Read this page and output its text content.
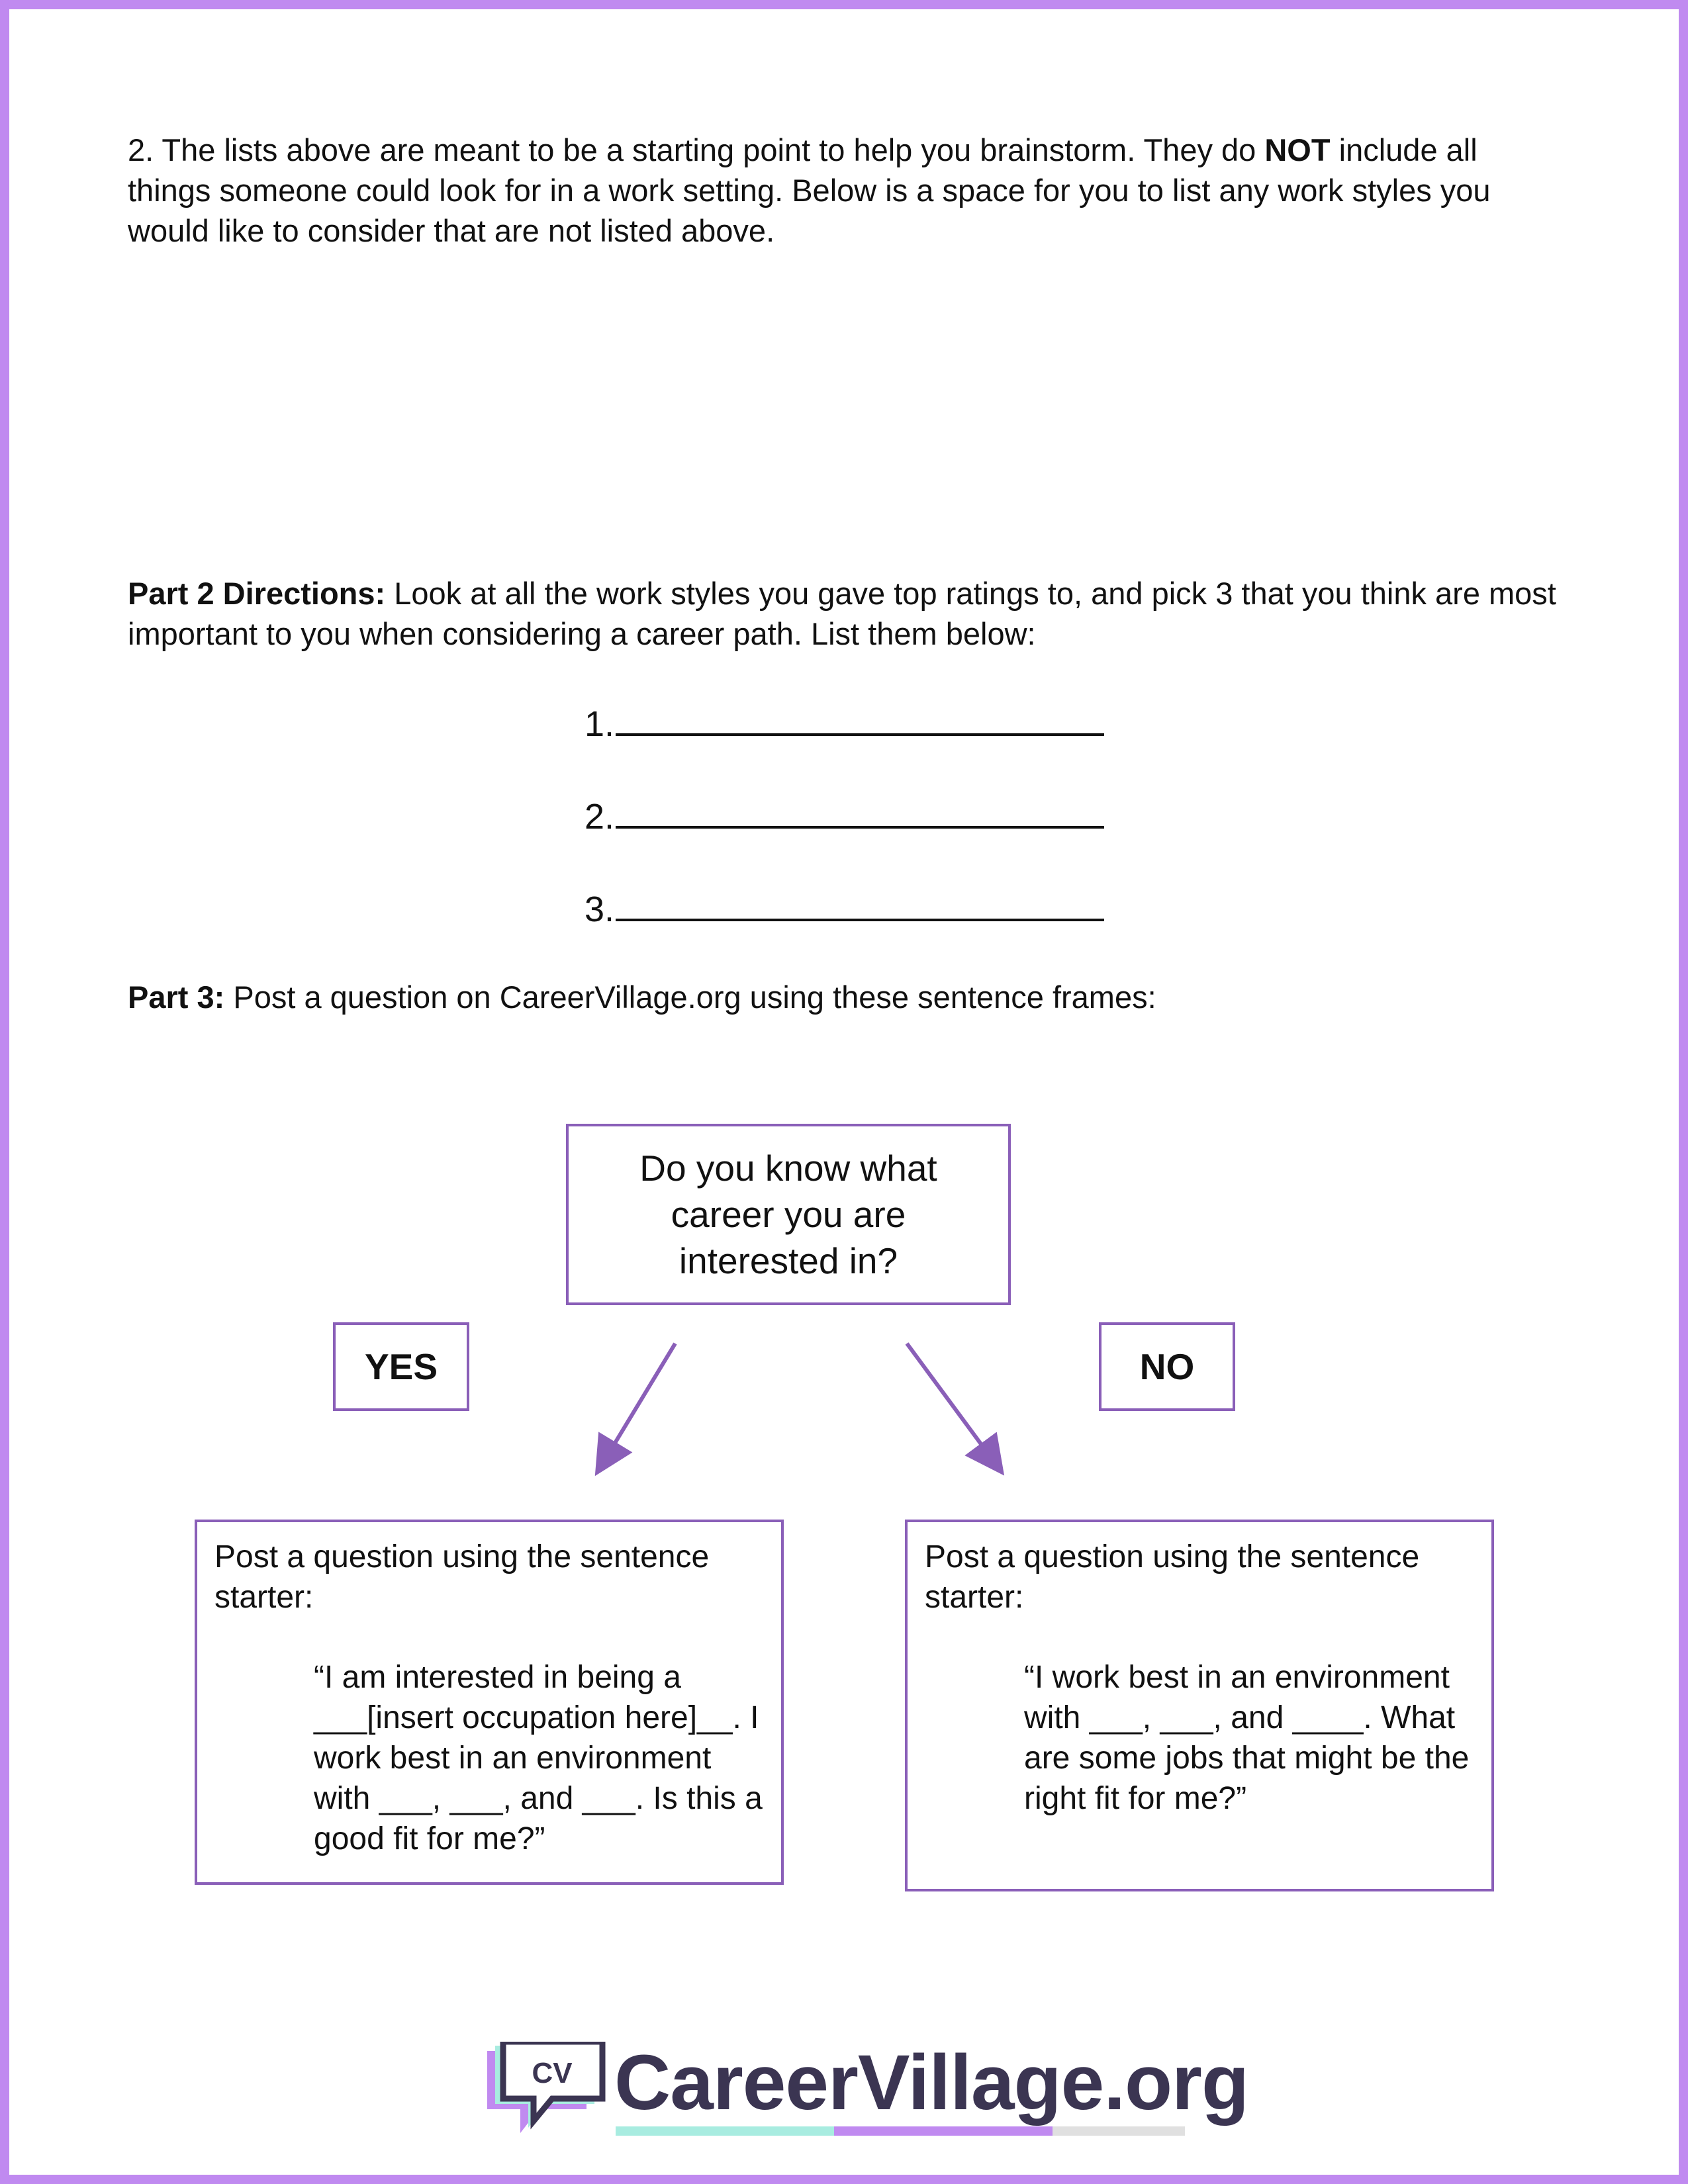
2. The lists above are meant to be a starting point to help you brainstorm. They do NOT include all things someone could look for in a work setting. Below is a space for you to list any work styles you would like to consider that are not listed above.
Part 2 Directions: Look at all the work styles you gave top ratings to, and pick 3 that you think are most important to you when considering a career path. List them below:
1.
2.
3.
Part 3: Post a question on CareerVillage.org using these sentence frames:
Do you know what career you are interested in?
YES	NO
Post a question using the sentence starter:
“I am interested in being a ___[insert occupation here]__. I work best in an environment with ___, ___, and ___. Is this a good fit for me?”
Post a question using the sentence starter:
“I work best in an environment with ___, ___, and ____. What are some jobs that might be the right fit for me?”
CV CareerVillage.org
